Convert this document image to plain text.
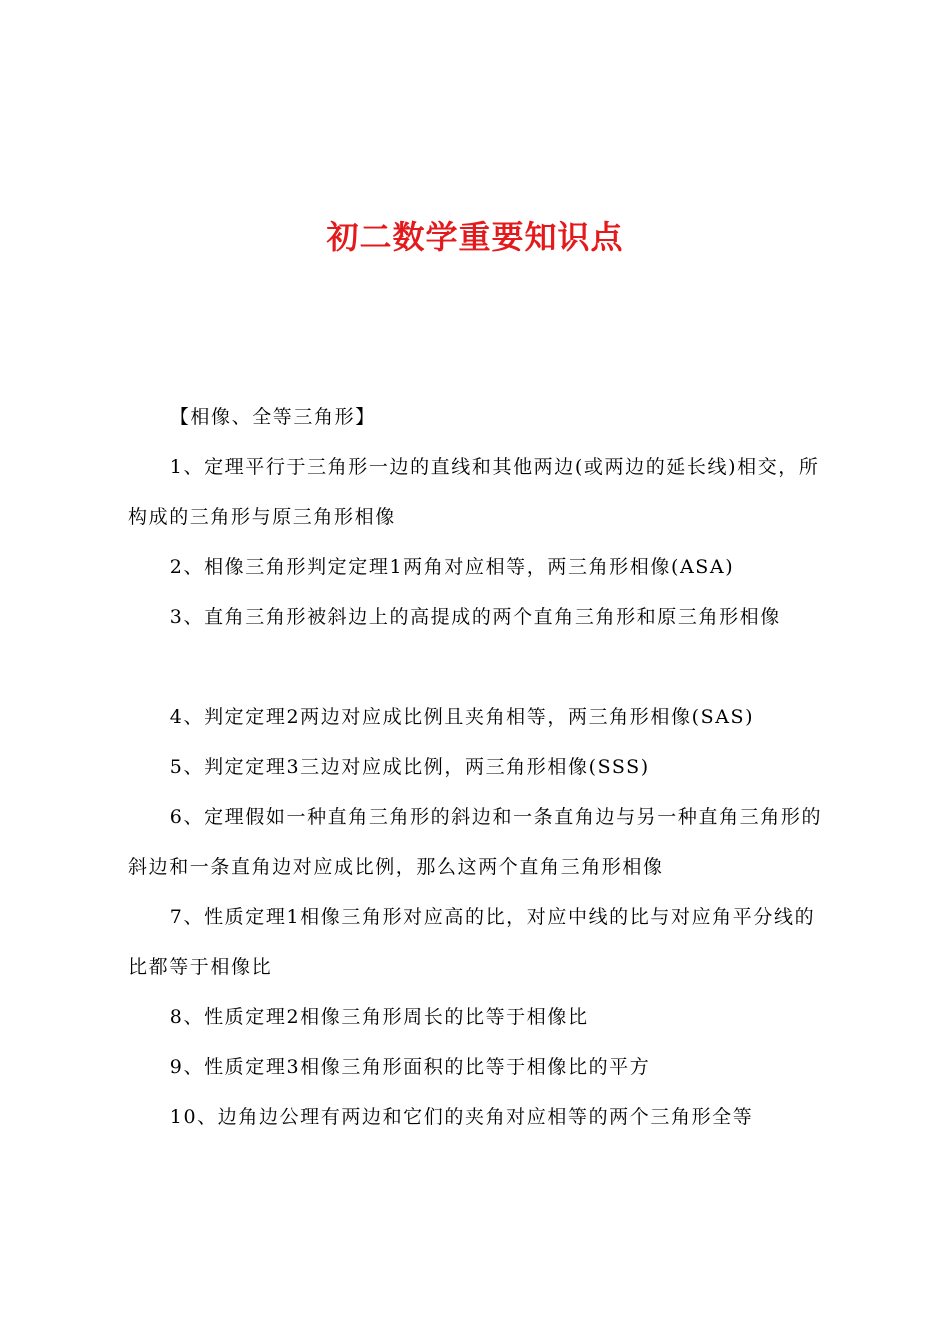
初二数学重要知识点

【相像、全等三角形】

1、定理平行于三角形一边的直线和其他两边(或两边的延长线)相交，所构成的三角形与原三角形相像

2、相像三角形判定定理1两角对应相等，两三角形相像(ASA)

3、直角三角形被斜边上的高提成的两个直角三角形和原三角形相像

4、判定定理2两边对应成比例且夹角相等，两三角形相像(SAS)

5、判定定理3三边对应成比例，两三角形相像(SSS)

6、定理假如一种直角三角形的斜边和一条直角边与另一种直角三角形的斜边和一条直角边对应成比例，那么这两个直角三角形相像

7、性质定理1相像三角形对应高的比，对应中线的比与对应角平分线的比都等于相像比

8、性质定理2相像三角形周长的比等于相像比

9、性质定理3相像三角形面积的比等于相像比的平方

10、边角边公理有两边和它们的夹角对应相等的两个三角形全等
